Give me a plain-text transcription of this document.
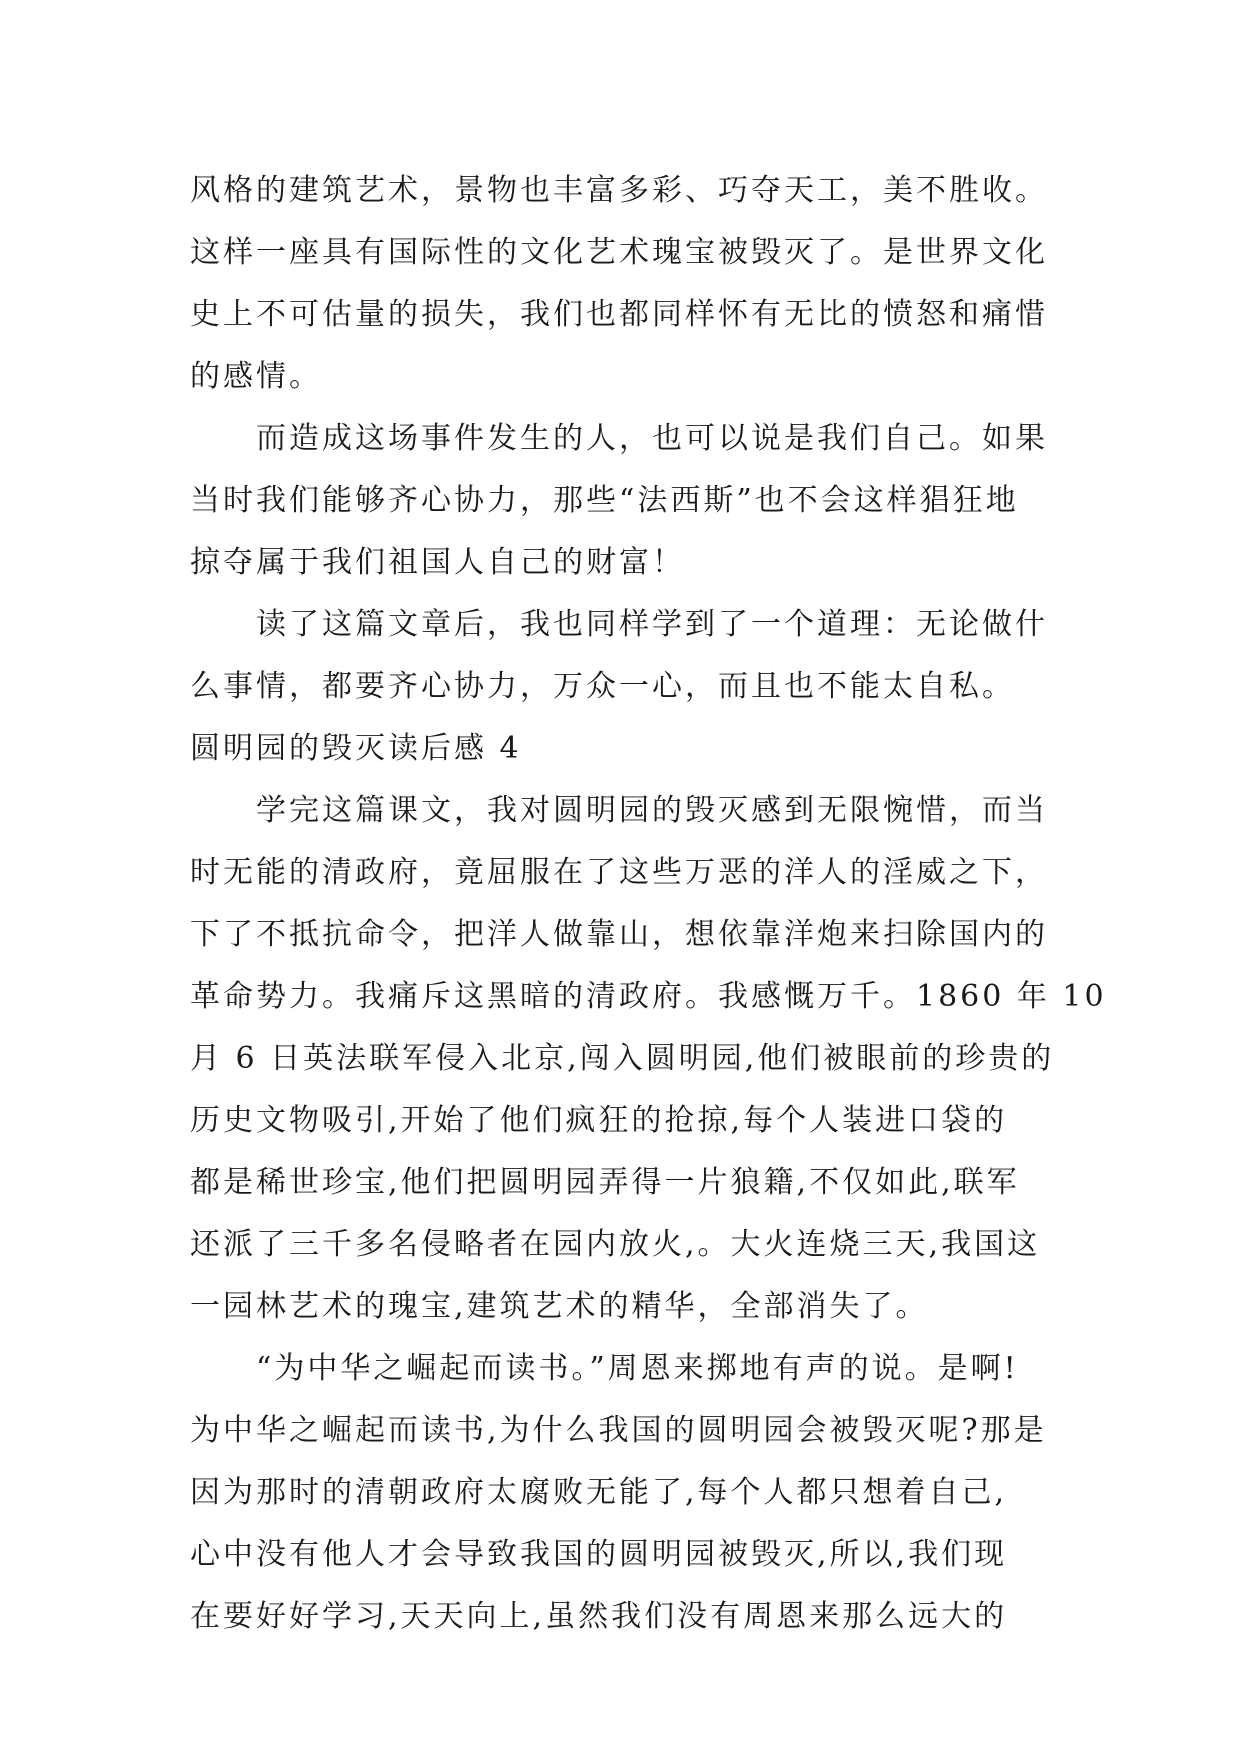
风格的建筑艺术，景物也丰富多彩、巧夺天工，美不胜收。
这样一座具有国际性的文化艺术瑰宝被毁灭了。是世界文化
史上不可估量的损失，我们也都同样怀有无比的愤怒和痛惜
的感情。
而造成这场事件发生的人，也可以说是我们自己。如果
当时我们能够齐心协力，那些“法西斯”也不会这样猖狂地
掠夺属于我们祖国人自己的财富！
读了这篇文章后，我也同样学到了一个道理：无论做什
么事情，都要齐心协力，万众一心，而且也不能太自私。
圆明园的毁灭读后感 4
学完这篇课文，我对圆明园的毁灭感到无限惋惜，而当
时无能的清政府，竟屈服在了这些万恶的洋人的淫威之下，
下了不抵抗命令，把洋人做靠山，想依靠洋炮来扫除国内的
革命势力。我痛斥这黑暗的清政府。我感慨万千。1860 年 10
月 6 日英法联军侵入北京,闯入圆明园,他们被眼前的珍贵的
历史文物吸引,开始了他们疯狂的抢掠,每个人装进口袋的
都是稀世珍宝,他们把圆明园弄得一片狼籍,不仅如此,联军
还派了三千多名侵略者在园内放火,。大火连烧三天,我国这
一园林艺术的瑰宝,建筑艺术的精华，全部消失了。
“为中华之崛起而读书。”周恩来掷地有声的说。是啊!
为中华之崛起而读书,为什么我国的圆明园会被毁灭呢?那是
因为那时的清朝政府太腐败无能了,每个人都只想着自己,
心中没有他人才会导致我国的圆明园被毁灭,所以,我们现
在要好好学习,天天向上,虽然我们没有周恩来那么远大的
